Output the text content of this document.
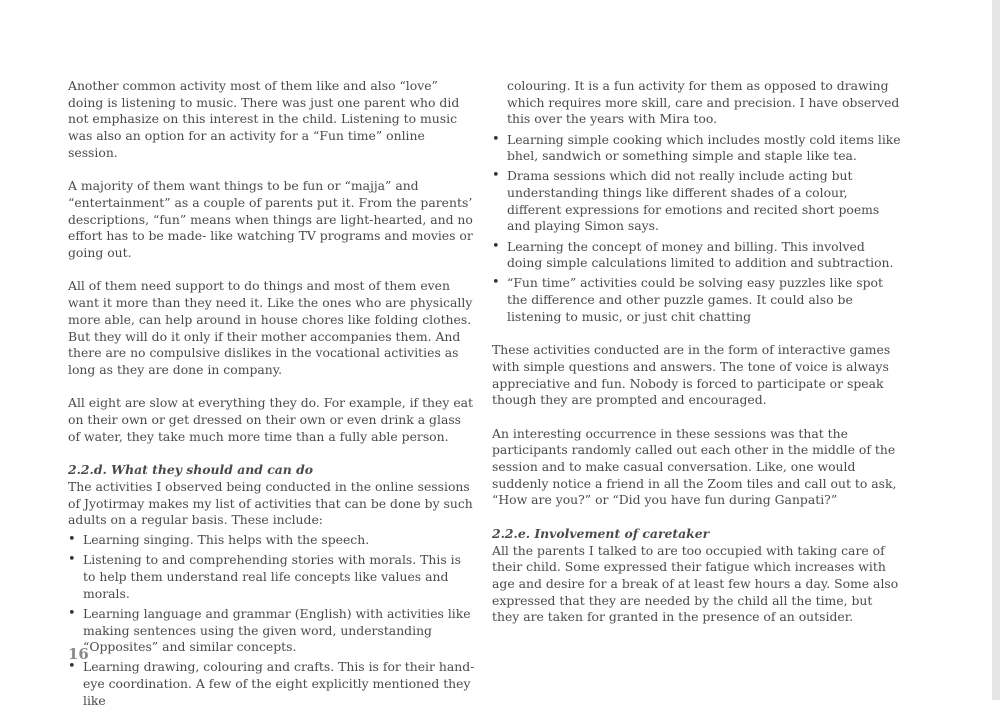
Another common activity most of them like and also “love” doing is listening to music. There was just one parent who did not emphasize on this interest in the child. Listening to music was also an option for an activity for a “Fun time” online session.

A majority of them want things to be fun or “majja” and “entertainment” as a couple of parents put it. From the parents’ descriptions, “fun” means when things are light-hearted, and no effort has to be made- like watching TV programs and movies or going out.

All of them need support to do things and most of them even want it more than they need it. Like the ones who are physically more able, can help around in house chores like folding clothes. But they will do it only if their mother accompanies them. And there are no compulsive dislikes in the vocational activities as long as they are done in company.

All eight are slow at everything they do. For example, if they eat on their own or get dressed on their own or even drink a glass of water, they take much more time than a fully able person.

2.2.d. What they should and can do

The activities I observed being conducted in the online sessions of Jyotirmay makes my list of activities that can be done by such adults on a regular basis. These include:

• Learning singing. This helps with the speech.
• Listening to and comprehending stories with morals. This is to help them understand real life concepts like values and morals.
• Learning language and grammar (English) with activities like making sentences using the given word, understanding “Opposites” and similar concepts.
• Learning drawing, colouring and crafts. This is for their hand-eye coordination. A few of the eight explicitly mentioned they like

colouring. It is a fun activity for them as opposed to drawing which requires more skill, care and precision. I have observed this over the years with Mira too.

• Learning simple cooking which includes mostly cold items like bhel, sandwich or something simple and staple like tea.
• Drama sessions which did not really include acting but understanding things like different shades of a colour, different expressions for emotions and recited short poems and playing Simon says.
• Learning the concept of money and billing. This involved doing simple calculations limited to addition and subtraction.
• “Fun time” activities could be solving easy puzzles like spot the difference and other puzzle games. It could also be listening to music, or just chit chatting

These activities conducted are in the form of interactive games with simple questions and answers. The tone of voice is always appreciative and fun. Nobody is forced to participate or speak though they are prompted and encouraged.

An interesting occurrence in these sessions was that the participants randomly called out each other in the middle of the session and to make casual conversation. Like, one would suddenly notice a friend in all the Zoom tiles and call out to ask, “How are you?” or “Did you have fun during Ganpati?”

2.2.e. Involvement of caretaker

All the parents I talked to are too occupied with taking care of their child. Some expressed their fatigue which increases with age and desire for a break of at least few hours a day. Some also expressed that they are needed by the child all the time, but they are taken for granted in the presence of an outsider.

16
